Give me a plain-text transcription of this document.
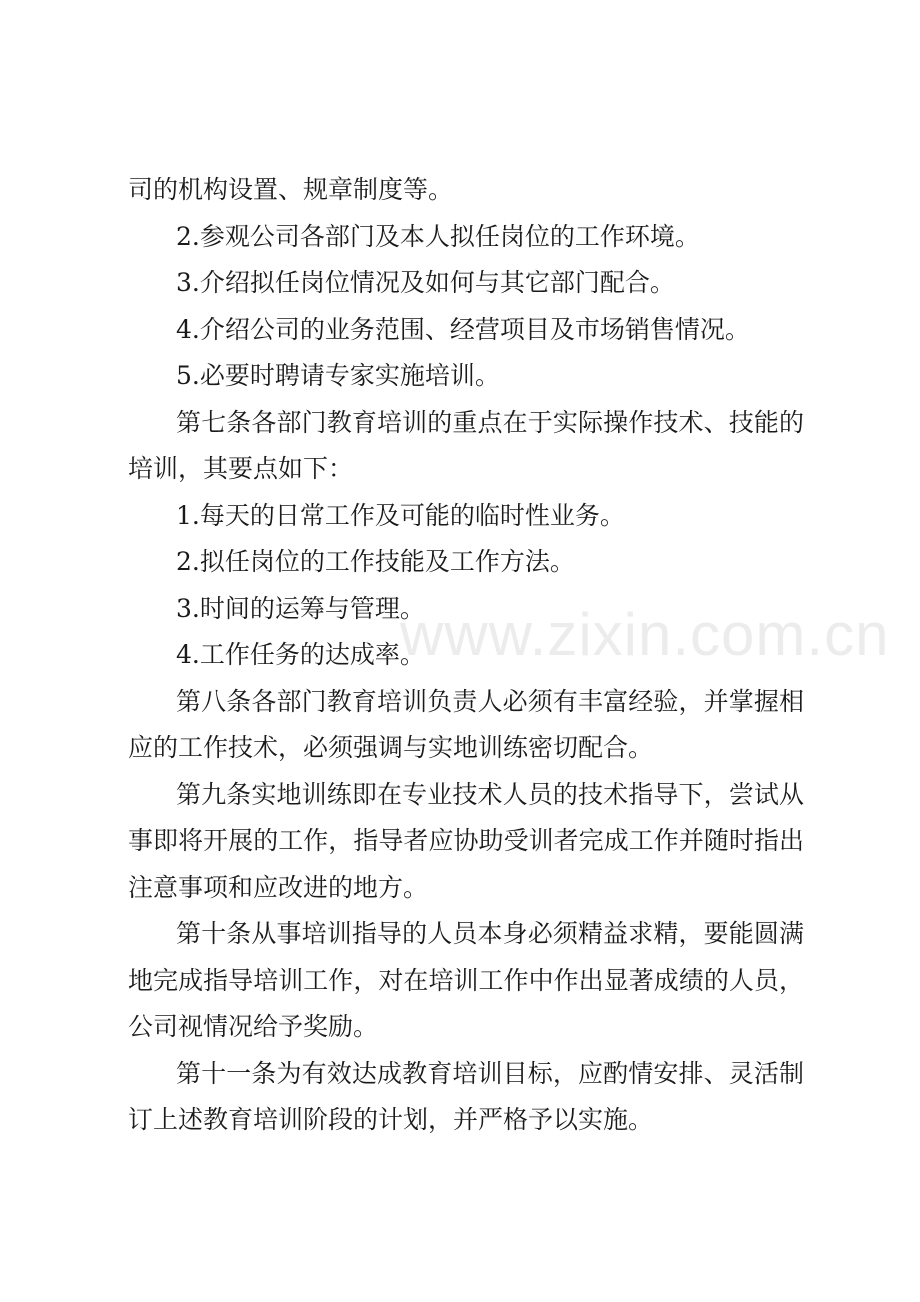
司的机构设置、规章制度等。

2.参观公司各部门及本人拟任岗位的工作环境。

3.介绍拟任岗位情况及如何与其它部门配合。

4.介绍公司的业务范围、经营项目及市场销售情况。

5.必要时聘请专家实施培训。

第七条各部门教育培训的重点在于实际操作技术、技能的培训，其要点如下：

1.每天的日常工作及可能的临时性业务。

2.拟任岗位的工作技能及工作方法。

3.时间的运筹与管理。

4.工作任务的达成率。

第八条各部门教育培训负责人必须有丰富经验，并掌握相应的工作技术，必须强调与实地训练密切配合。

第九条实地训练即在专业技术人员的技术指导下，尝试从事即将开展的工作，指导者应协助受训者完成工作并随时指出注意事项和应改进的地方。

第十条从事培训指导的人员本身必须精益求精，要能圆满地完成指导培训工作，对在培训工作中作出显著成绩的人员，公司视情况给予奖励。

第十一条为有效达成教育培训目标，应酌情安排、灵活制订上述教育培训阶段的计划，并严格予以实施。

www.zixin.com.cn
